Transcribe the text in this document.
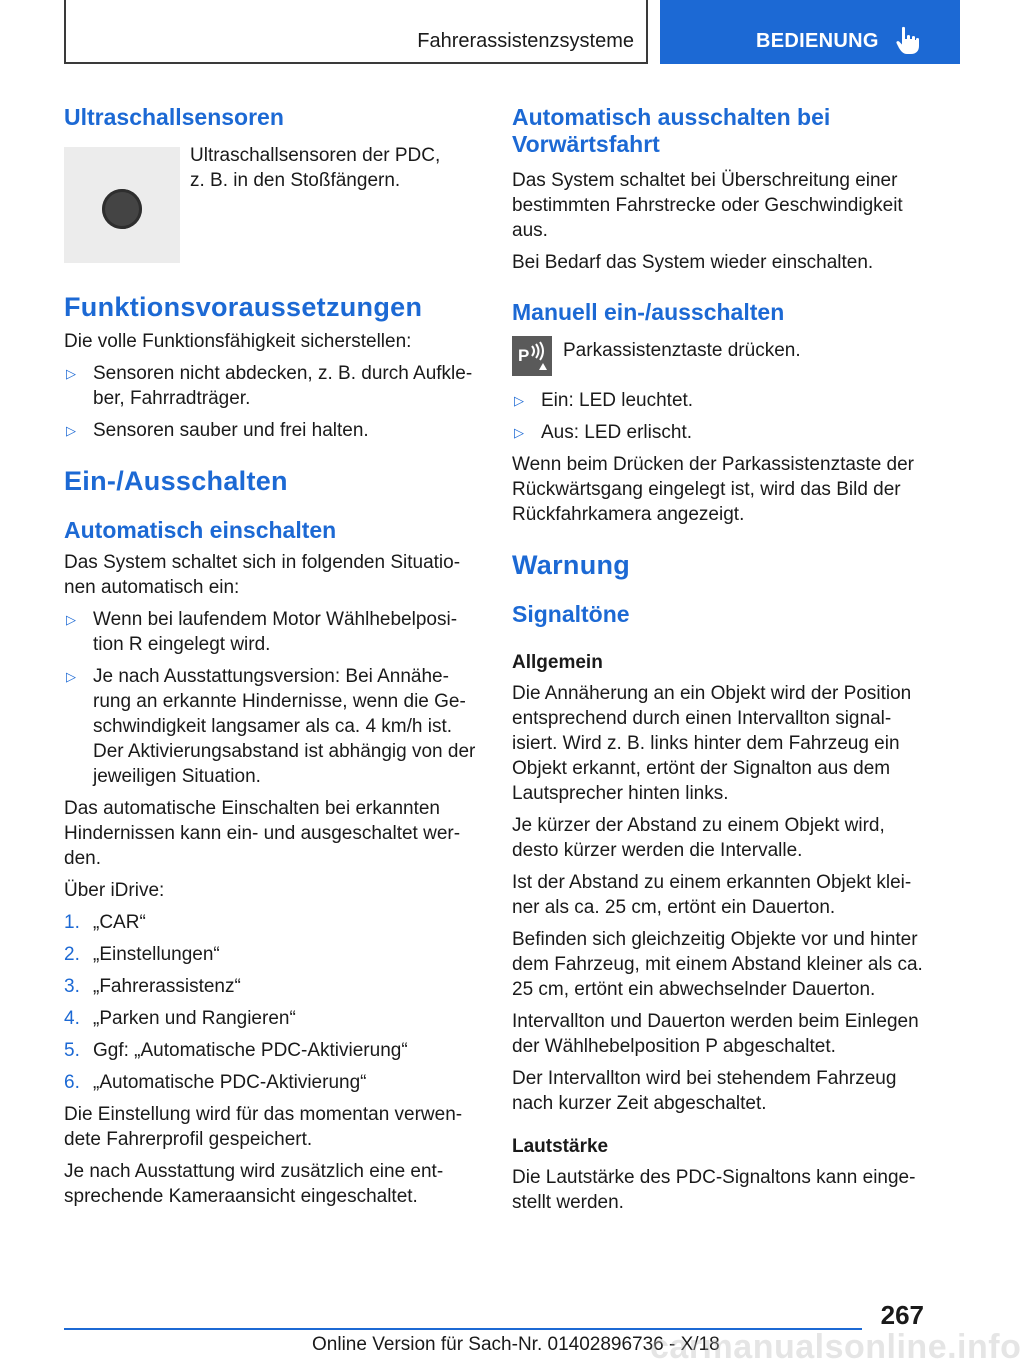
Fahrerassistenzsysteme	BEDIENUNG
Ultraschallsensoren

Ultraschallsensoren der PDC, z. B. in den Stoßfängern.

Funktionsvoraussetzungen

Die volle Funktionsfähigkeit sicherstellen:

▷ Sensoren nicht abdecken, z. B. durch Aufkleber, Fahrradträger.
▷ Sensoren sauber und frei halten.
Ein-/Ausschalten
Automatisch einschalten

Das System schaltet sich in folgenden Situationen automatisch ein:

▷ Wenn bei laufendem Motor Wählhebelposition R eingelegt wird.
▷ Je nach Ausstattungsversion: Bei Annäherung an erkannte Hindernisse, wenn die Geschwindigkeit langsamer als ca. 4 km/h ist. Der Aktivierungsabstand ist abhängig von der jeweiligen Situation.

Das automatische Einschalten bei erkannten Hindernissen kann ein- und ausgeschaltet werden.

Über iDrive:

1. „CAR“
2. „Einstellungen“
3. „Fahrerassistenz“
4. „Parken und Rangieren“
5. Ggf: „Automatische PDC-Aktivierung“
6. „Automatische PDC-Aktivierung“

Die Einstellung wird für das momentan verwendete Fahrerprofil gespeichert.

Je nach Ausstattung wird zusätzlich eine entsprechende Kameraansicht eingeschaltet.

Automatisch ausschalten bei Vorwärtsfahrt

Das System schaltet bei Überschreitung einer bestimmten Fahrstrecke oder Geschwindigkeit aus.

Bei Bedarf das System wieder einschalten.

Manuell ein-/ausschalten
P Parkassistenztaste drücken.

▷ Ein: LED leuchtet.
▷ Aus: LED erlischt.

Wenn beim Drücken der Parkassistenztaste der Rückwärtsgang eingelegt ist, wird das Bild der Rückfahrkamera angezeigt.

Warnung
Signaltöne
Allgemein

Die Annäherung an ein Objekt wird der Position entsprechend durch einen Intervallton signalisiert. Wird z. B. links hinter dem Fahrzeug ein Objekt erkannt, ertönt der Signalton aus dem Lautsprecher hinten links.

Je kürzer der Abstand zu einem Objekt wird, desto kürzer werden die Intervalle.

Ist der Abstand zu einem erkannten Objekt kleiner als ca. 25 cm, ertönt ein Dauerton.

Befinden sich gleichzeitig Objekte vor und hinter dem Fahrzeug, mit einem Abstand kleiner als ca. 25 cm, ertönt ein abwechselnder Dauerton.

Intervallton und Dauerton werden beim Einlegen der Wählhebelposition P abgeschaltet.

Der Intervallton wird bei stehendem Fahrzeug nach kurzer Zeit abgeschaltet.

Lautstärke

Die Lautstärke des PDC-Signaltons kann eingestellt werden.

267
Online Version für Sach-Nr. 01402896736 - X/18
carmanualsonline.info
